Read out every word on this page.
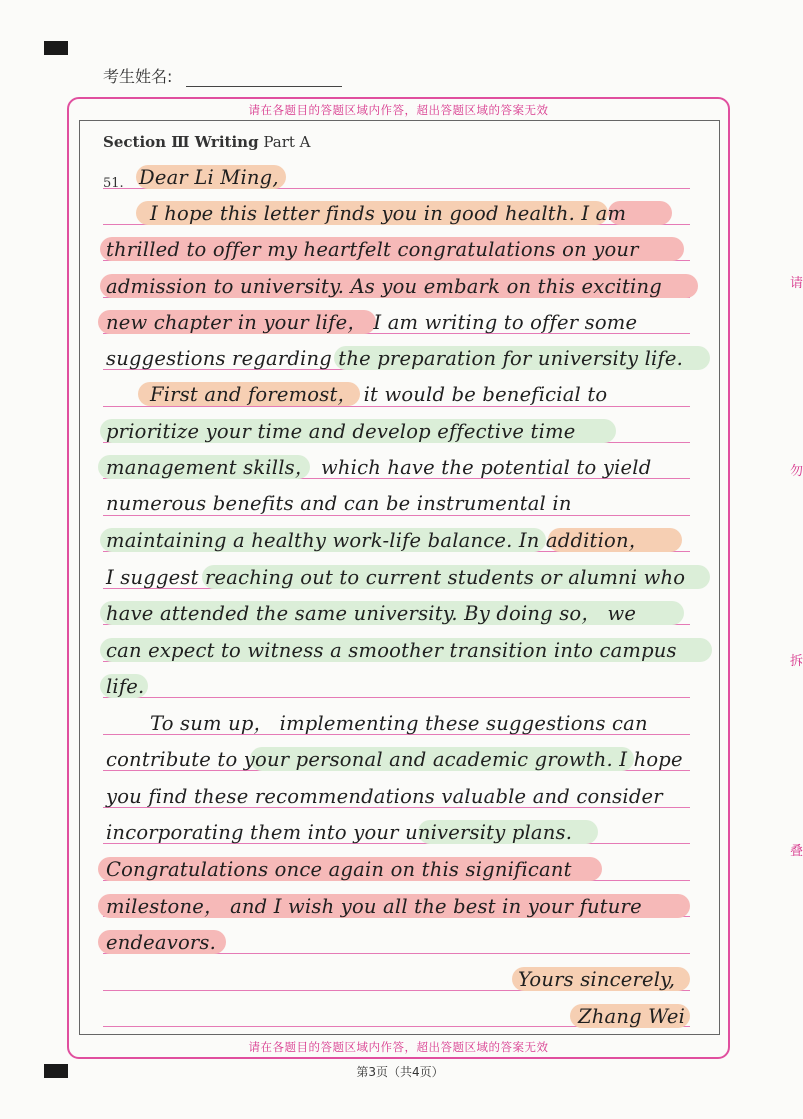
考生姓名:
请在各题目的答题区域内作答，超出答题区域的答案无效
请在各题目的答题区域内作答，超出答题区域的答案无效
Section Ⅲ Writing Part A
51. Dear Li Ming,
I hope this letter finds you in good health. I am
thrilled to offer my heartfelt congratulations on your
admission to university. As you embark on this exciting
new chapter in your life， I am writing to offer some
suggestions regarding the preparation for university life.
First and foremost， it would be beneficial to
prioritize your time and develop effective time
management skills， which have the potential to yield
numerous benefits and can be instrumental in
maintaining a healthy work-life balance. In addition，
I suggest reaching out to current students or alumni who
have attended the same university. By doing so， we
can expect to witness a smoother transition into campus
life.
To sum up， implementing these suggestions can
contribute to your personal and academic growth. I hope
you find these recommendations valuable and consider
incorporating them into your university plans.
Congratulations once again on this significant
milestone， and I wish you all the best in your future
endeavors.
Yours sincerely,
Zhang Wei
第3页（共4页）
请
勿
拆
叠
